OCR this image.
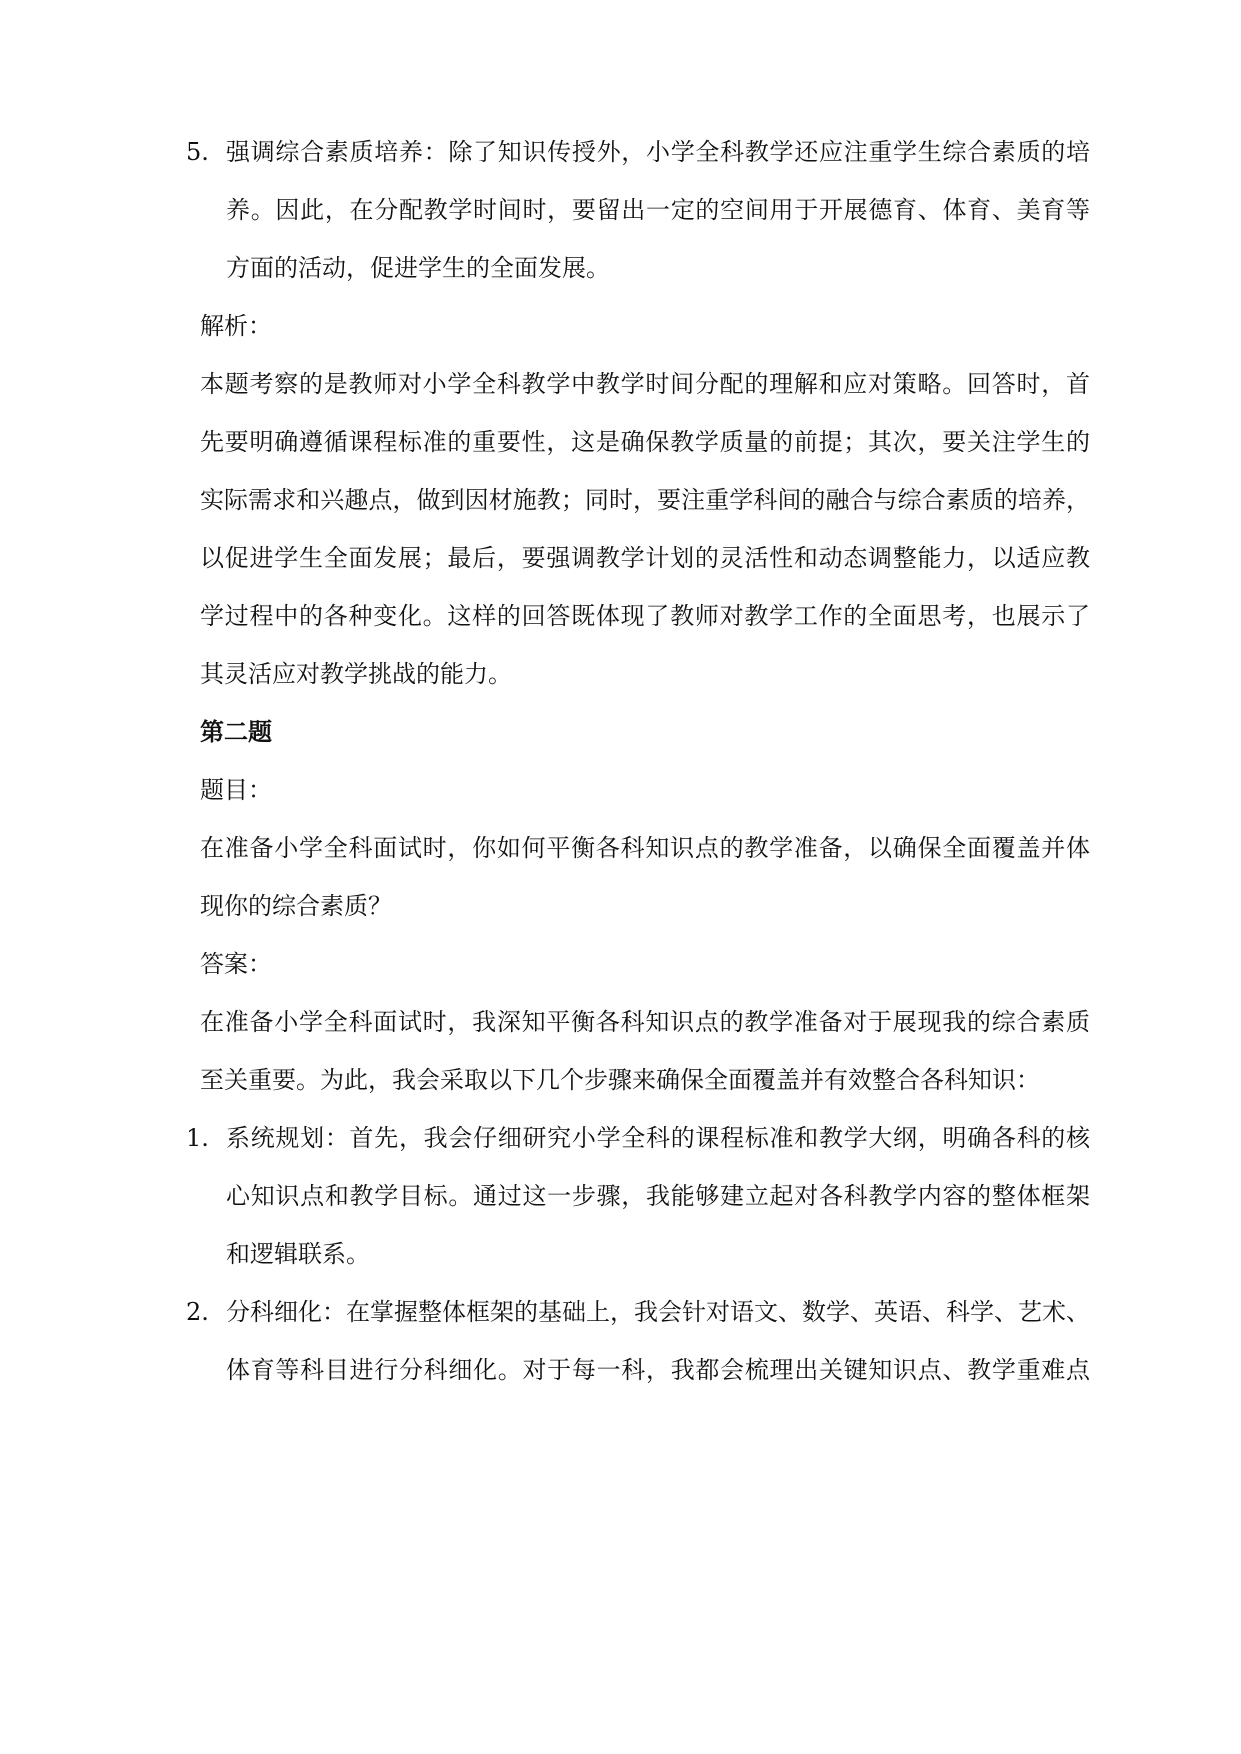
5. 强调综合素质培养：除了知识传授外，小学全科教学还应注重学生综合素质的培
养。因此，在分配教学时间时，要留出一定的空间用于开展德育、体育、美育等
方面的活动，促进学生的全面发展。
解析：
本题考察的是教师对小学全科教学中教学时间分配的理解和应对策略。回答时，首
先要明确遵循课程标准的重要性，这是确保教学质量的前提；其次，要关注学生的
实际需求和兴趣点，做到因材施教；同时，要注重学科间的融合与综合素质的培养，
以促进学生全面发展；最后，要强调教学计划的灵活性和动态调整能力，以适应教
学过程中的各种变化。这样的回答既体现了教师对教学工作的全面思考，也展示了
其灵活应对教学挑战的能力。
第二题
题目：
在准备小学全科面试时，你如何平衡各科知识点的教学准备，以确保全面覆盖并体
现你的综合素质？
答案：
在准备小学全科面试时，我深知平衡各科知识点的教学准备对于展现我的综合素质
至关重要。为此，我会采取以下几个步骤来确保全面覆盖并有效整合各科知识：
1. 系统规划：首先，我会仔细研究小学全科的课程标准和教学大纲，明确各科的核
心知识点和教学目标。通过这一步骤，我能够建立起对各科教学内容的整体框架
和逻辑联系。
2. 分科细化：在掌握整体框架的基础上，我会针对语文、数学、英语、科学、艺术、
体育等科目进行分科细化。对于每一科，我都会梳理出关键知识点、教学重难点
